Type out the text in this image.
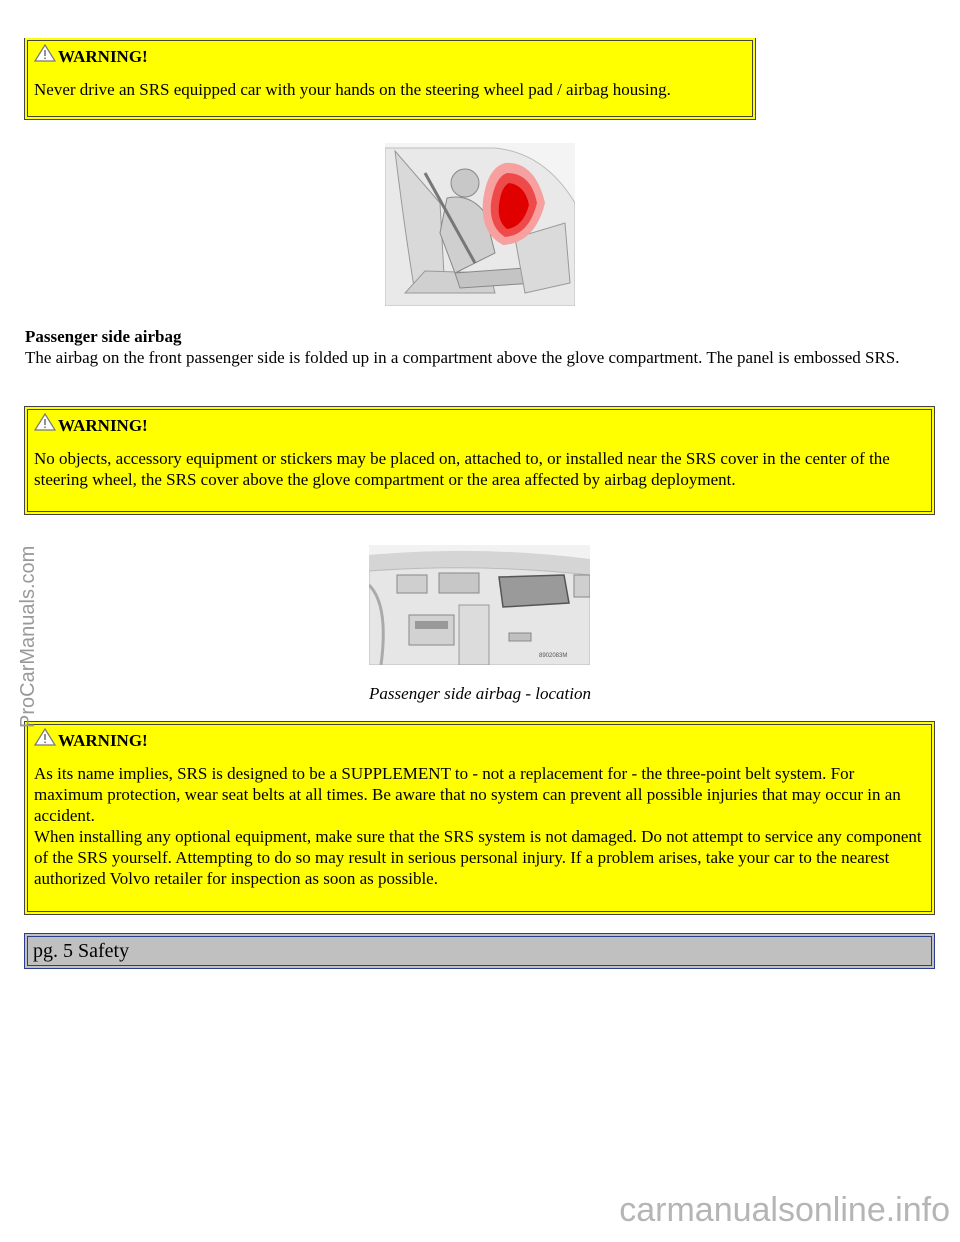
WARNING!

Never drive an SRS equipped car with your hands on the steering wheel pad / airbag housing.

Passenger side airbag
The airbag on the front passenger side is folded up in a compartment above the glove compartment. The panel is embossed SRS.
WARNING!

No objects, accessory equipment or stickers may be placed on, attached to, or installed near the SRS cover in the center of the steering wheel, the SRS cover above the glove compartment or the area affected by airbag deployment.

8902083M
Passenger side airbag - location
WARNING!

As its name implies, SRS is designed to be a SUPPLEMENT to - not a replacement for - the three-point belt system. For maximum protection, wear seat belts at all times. Be aware that no system can prevent all possible injuries that may occur in an accident.

When installing any optional equipment, make sure that the SRS system is not damaged. Do not attempt to service any component of the SRS yourself. Attempting to do so may result in serious personal injury. If a problem arises, take your car to the nearest authorized Volvo retailer for inspection as soon as possible.

pg. 5 Safety
ProCarManuals.com
carmanualsonline.info
